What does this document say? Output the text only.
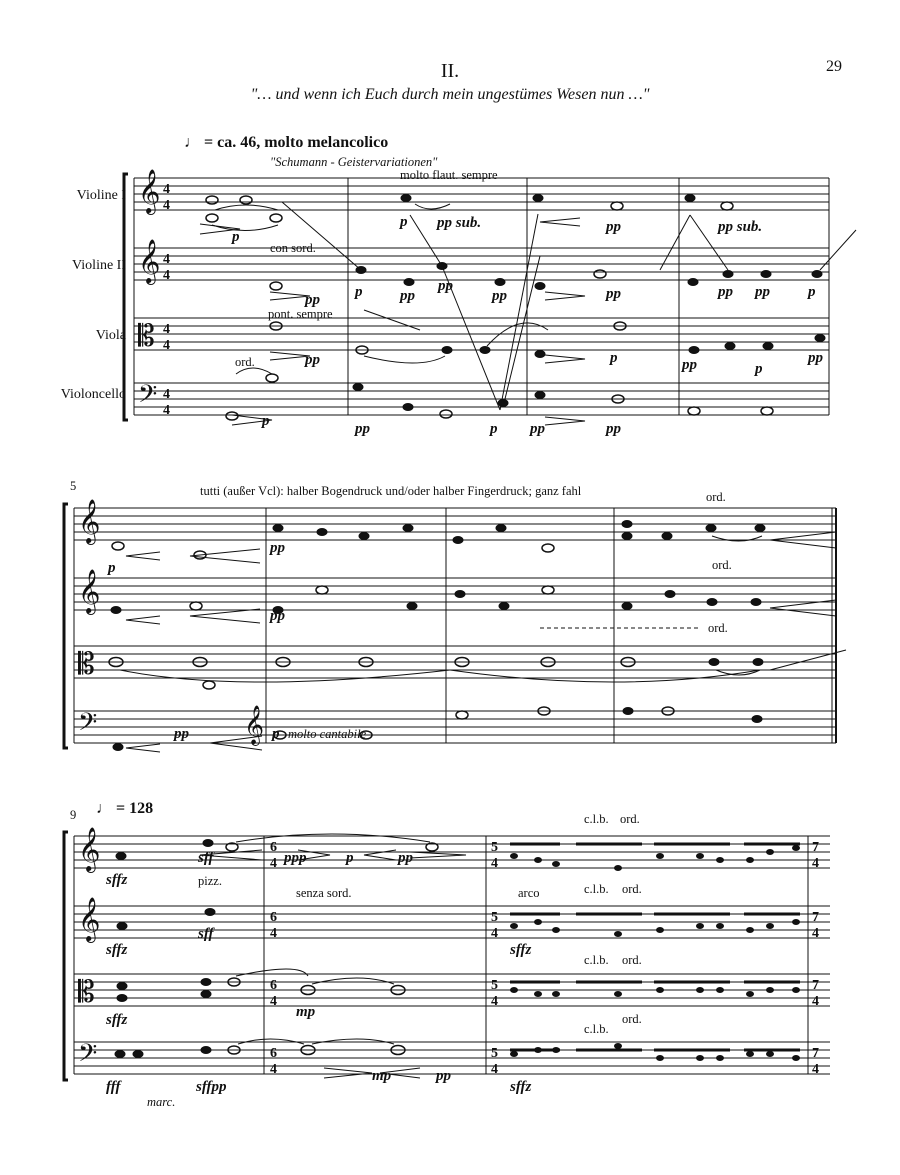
29
II.
"… und wenn ich Euch durch mein ungestümes Wesen nun …"
Violine I
Violine II
Viola
Violoncello
♩ = ca. 46, molto melancolico
"Schumann - Geistervariationen"
molto flaut. sempre
con sord.
pont. sempre
ord.
5	tutti (außer Vcl): halber Bogendruck und/oder halber Fingerdruck; ganz fahl	ord.
ord.
ord.
molto cantabile
9 ♩ = 128
pizz.
arco
senza sord.
c.l.b. ord.
c.l.b. ord.
c.l.b. ord.
c.l.b.
ord.
marc.
𝄞
𝄞
𝄡
𝄢
4
4
4
4
4
4
4
4
p
pp
pp sub.
p
p	pp
pp
pp
pp
pp	p
p
pp
pp
p
pp	pp
pp sub.
pp pp
pp
p
pp
p
𝄞
𝄞
𝄡
𝄢	𝄞
p
pp
pp
pp	p
𝄞
𝄞
𝄡
𝄢
6
4
6
4
6
4
6
4
5
4
5
4
5
4
5
4
7
4
7
4
7
4
7
4
sffz
sff	ppp	p	pp
sffz
sff
sffz	mp
fff	sffpp
mp	pp
sffz
sffz
